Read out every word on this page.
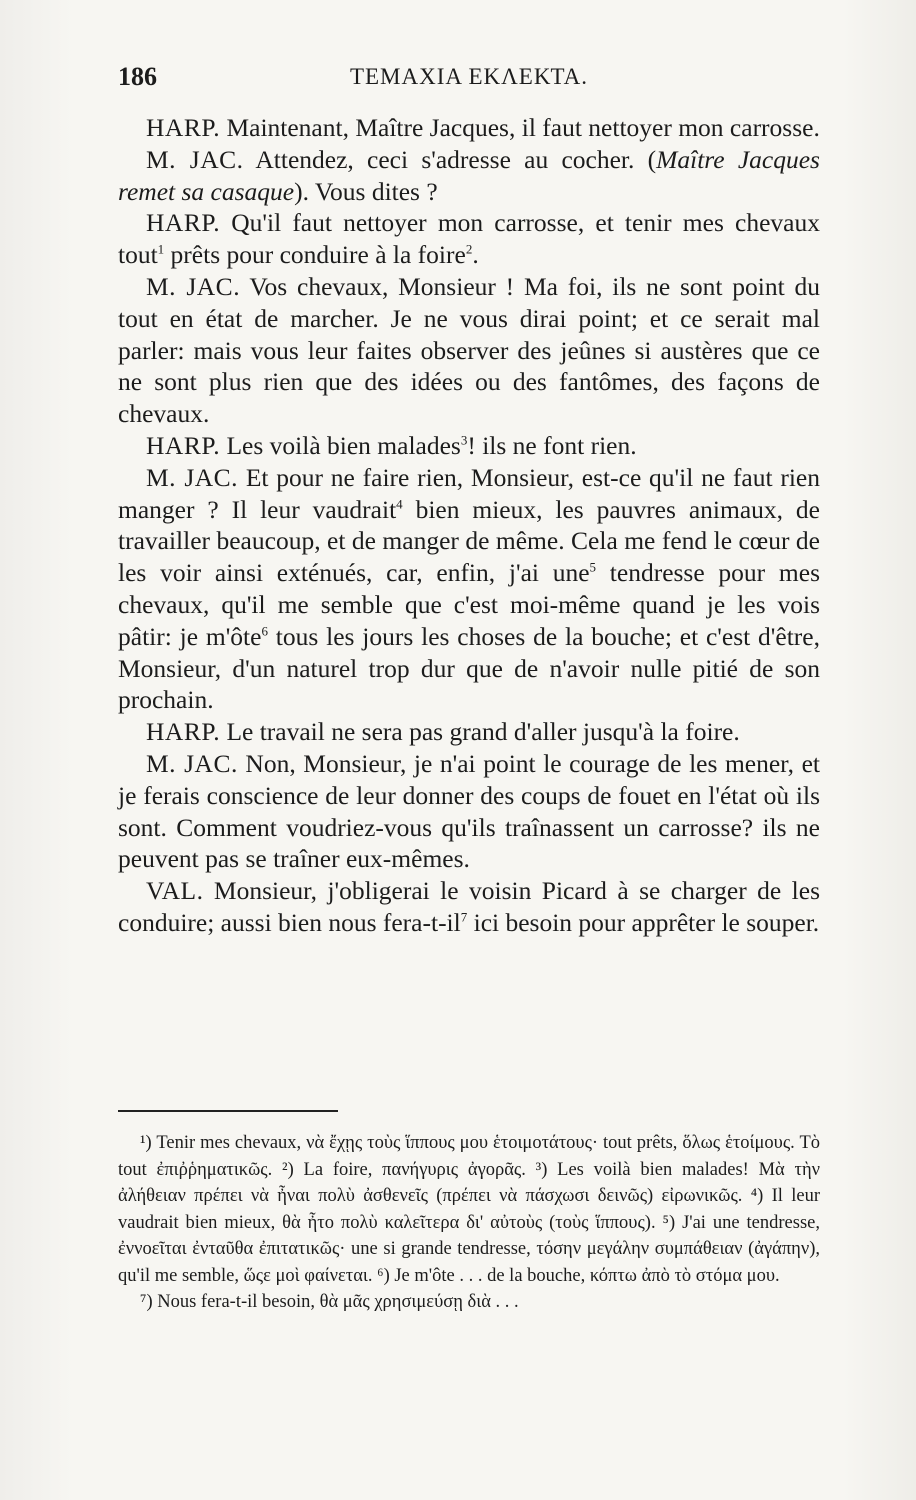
186	ΤΕΜΑΧΙΑ ΕΚΛΕΚΤΑ.

HARP. Maintenant, Maître Jacques, il faut nettoyer mon carrosse.

M. JAC. Attendez, ceci s'adresse au cocher. (Maître Jacques remet sa casaque). Vous dites ?

HARP. Qu'il faut nettoyer mon carrosse, et tenir mes chevaux tout$^1$ prêts pour conduire à la foire$^2$.

M. JAC. Vos chevaux, Monsieur ! Ma foi, ils ne sont point du tout en état de marcher. Je ne vous dirai point; et ce serait mal parler: mais vous leur faites observer des jeûnes si austères que ce ne sont plus rien que des idées ou des fantômes, des façons de chevaux.

HARP. Les voilà bien malades$^3$! ils ne font rien.

M. JAC. Et pour ne faire rien, Monsieur, est-ce qu'il ne faut rien manger ? Il leur vaudrait$^4$ bien mieux, les pauvres animaux, de travailler beaucoup, et de manger de même. Cela me fend le cœur de les voir ainsi exténués, car, enfin, j'ai une$^5$ tendresse pour mes chevaux, qu'il me semble que c'est moi-même quand je les vois pâtir: je m'ôte$^6$ tous les jours les choses de la bouche; et c'est d'être, Monsieur, d'un naturel trop dur que de n'avoir nulle pitié de son prochain.

HARP. Le travail ne sera pas grand d'aller jusqu'à la foire.

M. JAC. Non, Monsieur, je n'ai point le courage de les mener, et je ferais conscience de leur donner des coups de fouet en l'état où ils sont. Comment voudriez-vous qu'ils traînassent un carrosse? ils ne peuvent pas se traîner eux-mêmes.

VAL. Monsieur, j'obligerai le voisin Picard à se charger de les conduire; aussi bien nous fera-t-il$^7$ ici besoin pour apprêter le souper.

¹) Tenir mes chevaux, νὰ ἔχῃς τοὺς ἵππους μου ἑτοιμοτάτους· tout prêts, ὅλως ἑτοίμους. Τὸ tout ἐπιῤῥηματικῶς. ²) La foire, πανήγυρις ἀγορᾶς. ³) Les voilà bien malades! Μὰ τὴν ἀλήθειαν πρέπει νὰ ἦναι πολὺ ἀσθενεῖς (πρέπει νὰ πάσχωσι δεινῶς) εἰρωνικῶς. ⁴) Il leur vaudrait bien mieux, θὰ ἦτο πολὺ καλεῖτερα δι' αὐτοὺς (τοὺς ἵππους). ⁵) J'ai une tendresse, ἐννοεῖται ἐνταῦθα ἐπιτατικῶς· une si grande tendresse, τόσην μεγάλην συμπάθειαν (ἀγάπην), qu'il me semble, ὥςε μοὶ φαίνεται. ⁶) Je m'ôte . . . de la bouche, κόπτω ἀπὸ τὸ στόμα μου.

⁷) Nous fera-t-il besoin, θὰ μᾶς χρησιμεύσῃ διὰ . . .
